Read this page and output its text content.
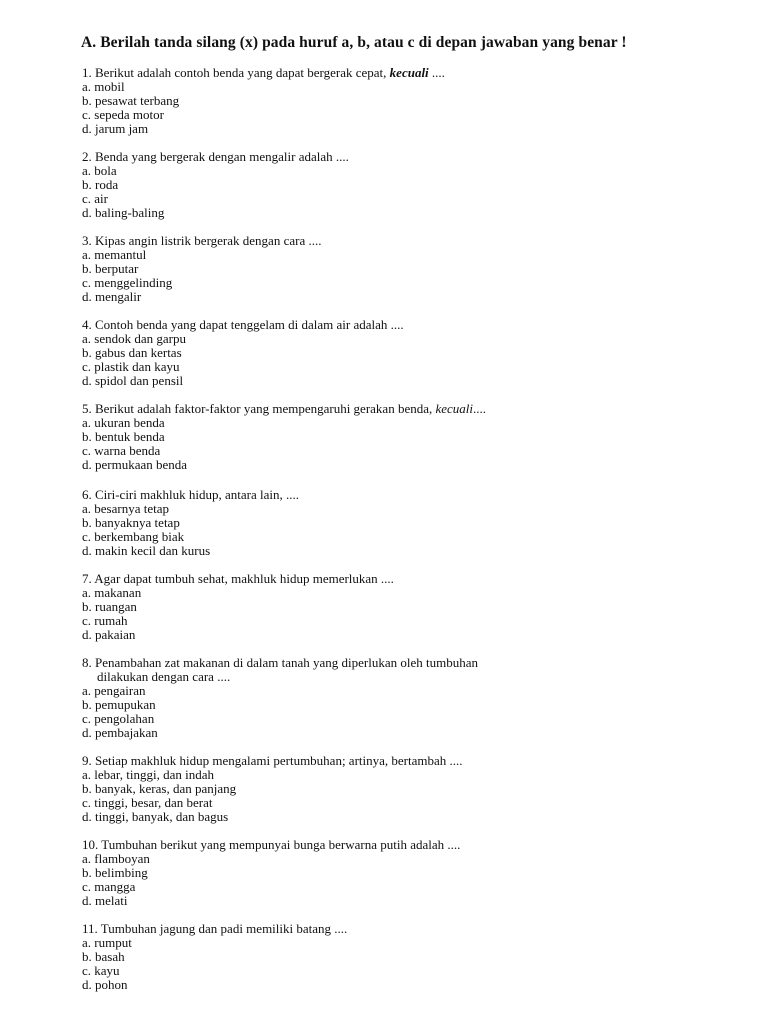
A. Berilah tanda silang (x) pada huruf a, b, atau c di depan jawaban yang benar !
1. Berikut adalah contoh benda yang dapat bergerak cepat, kecuali ....
a. mobil
b. pesawat terbang
c. sepeda motor
d. jarum jam
2. Benda yang bergerak dengan mengalir adalah ....
a. bola
b. roda
c. air
d. baling-baling
3. Kipas angin listrik bergerak dengan cara ....
a. memantul
b. berputar
c. menggelinding
d. mengalir
4. Contoh benda yang dapat tenggelam di dalam air adalah ....
a. sendok dan garpu
b. gabus dan kertas
c. plastik dan kayu
d. spidol dan pensil
5. Berikut adalah faktor-faktor yang mempengaruhi gerakan benda, kecuali....
a. ukuran benda
b. bentuk benda
c. warna benda
d. permukaan benda
6. Ciri-ciri makhluk hidup, antara lain, ....
a. besarnya tetap
b. banyaknya tetap
c. berkembang biak
d. makin kecil dan kurus
7. Agar dapat tumbuh sehat, makhluk hidup memerlukan ....
a. makanan
b. ruangan
c. rumah
d. pakaian
8. Penambahan zat makanan di dalam tanah yang diperlukan oleh tumbuhan
dilakukan dengan cara ....
a. pengairan
b. pemupukan
c. pengolahan
d. pembajakan
9. Setiap makhluk hidup mengalami pertumbuhan; artinya, bertambah ....
a. lebar, tinggi, dan indah
b. banyak, keras, dan panjang
c. tinggi, besar, dan berat
d. tinggi, banyak, dan bagus
10. Tumbuhan berikut yang mempunyai bunga berwarna putih adalah ....
a. flamboyan
b. belimbing
c. mangga
d. melati
11. Tumbuhan jagung dan padi memiliki batang ....
a. rumput
b. basah
c. kayu
d. pohon
